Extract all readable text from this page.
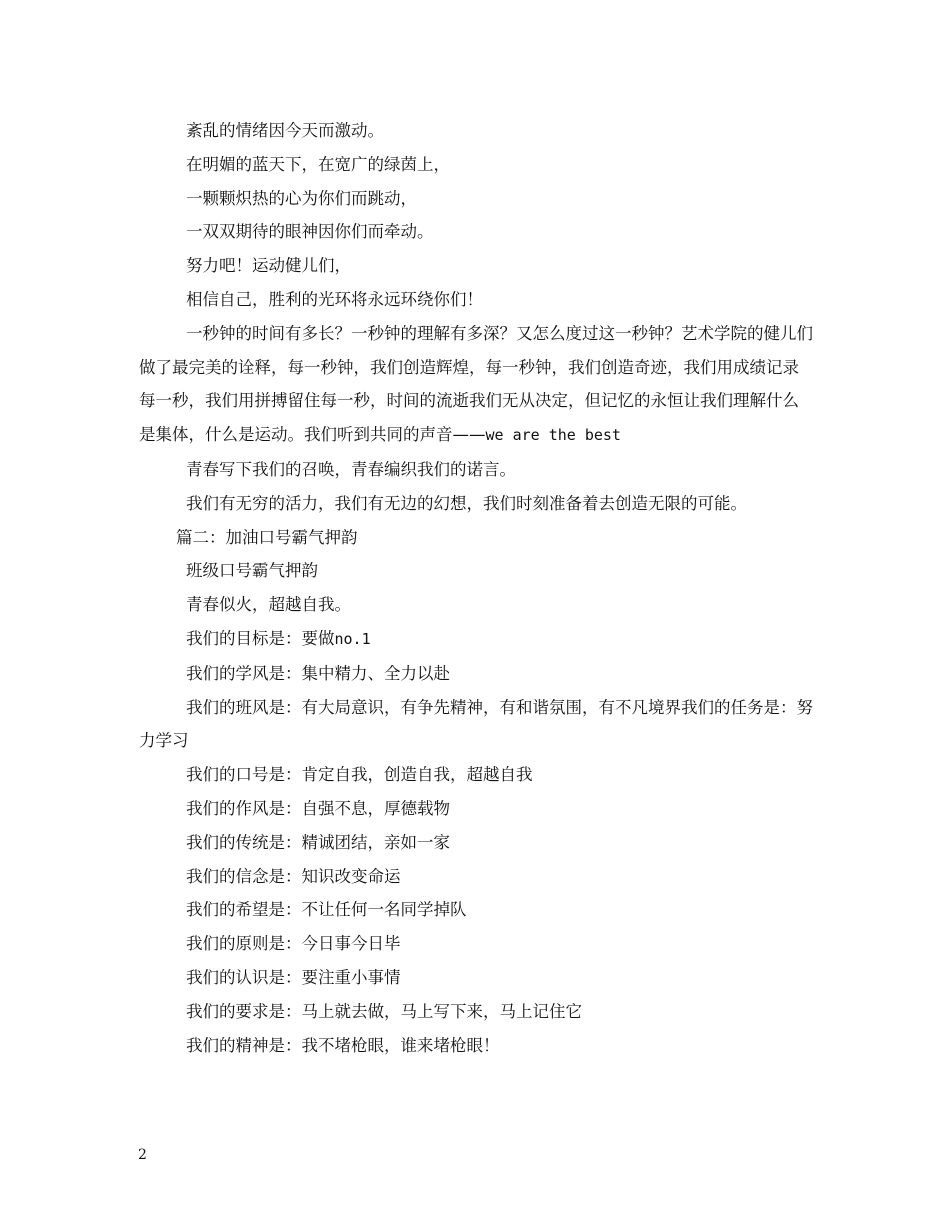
紊乱的情绪因今天而激动。

在明媚的蓝天下，在宽广的绿茵上，

一颗颗炽热的心为你们而跳动，

一双双期待的眼神因你们而牵动。

努力吧！运动健儿们，

相信自己，胜利的光环将永远环绕你们！

一秒钟的时间有多长？一秒钟的理解有多深？又怎么度过这一秒钟？艺术学院的健儿们做了最完美的诠释，每一秒钟，我们创造辉煌，每一秒钟，我们创造奇迹，我们用成绩记录每一秒，我们用拼搏留住每一秒，时间的流逝我们无从决定，但记忆的永恒让我们理解什么是集体，什么是运动。我们听到共同的声音——we are the best

青春写下我们的召唤，青春编织我们的诺言。

我们有无穷的活力，我们有无边的幻想，我们时刻准备着去创造无限的可能。

篇二：加油口号霸气押韵

班级口号霸气押韵

青春似火，超越自我。

我们的目标是：要做no.1

我们的学风是：集中精力、全力以赴

我们的班风是：有大局意识，有争先精神，有和谐氛围，有不凡境界我们的任务是：努力学习

我们的口号是：肯定自我，创造自我，超越自我

我们的作风是：自强不息，厚德载物

我们的传统是：精诚团结，亲如一家

我们的信念是：知识改变命运

我们的希望是：不让任何一名同学掉队

我们的原则是：今日事今日毕

我们的认识是：要注重小事情

我们的要求是：马上就去做，马上写下来，马上记住它

我们的精神是：我不堵枪眼，谁来堵枪眼！

2
